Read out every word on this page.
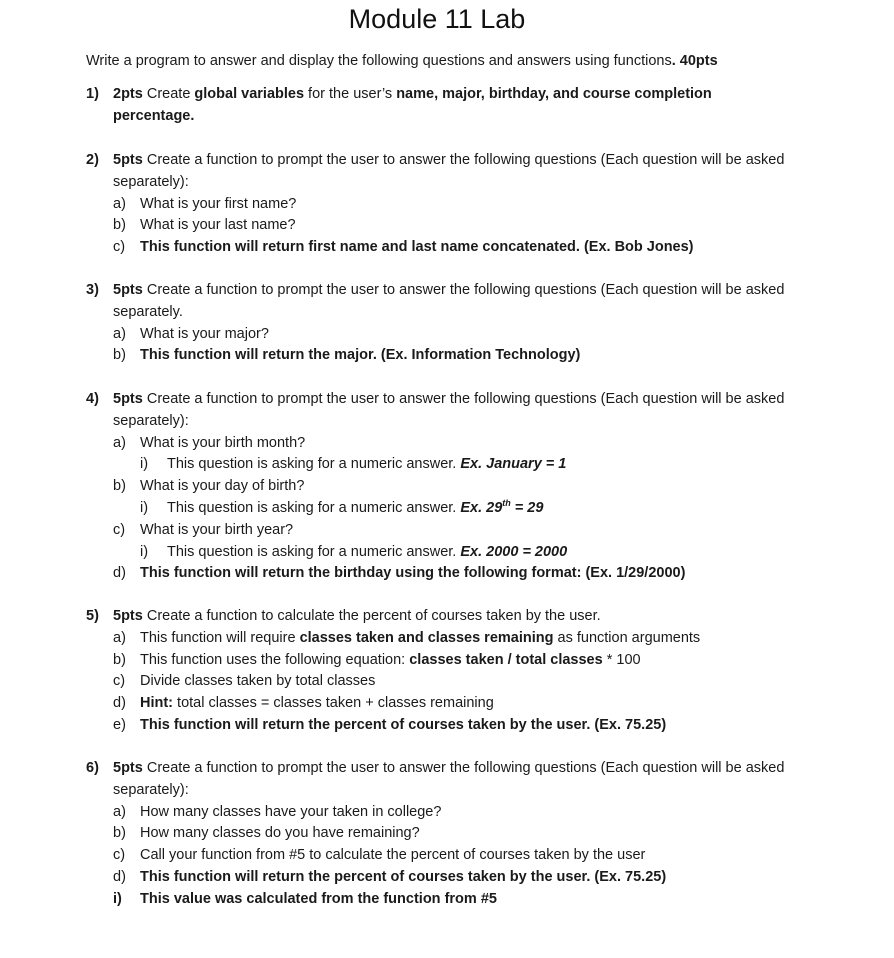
Module 11 Lab
Write a program to answer and display the following questions and answers using functions. 40pts
1) 2pts Create global variables for the user’s name, major, birthday, and course completion percentage.
2) 5pts Create a function to prompt the user to answer the following questions (Each question will be asked separately):
a) What is your first name?
b) What is your last name?
c) This function will return first name and last name concatenated. (Ex. Bob Jones)
3) 5pts Create a function to prompt the user to answer the following questions (Each question will be asked separately.
a) What is your major?
b) This function will return the major. (Ex. Information Technology)
4) 5pts Create a function to prompt the user to answer the following questions (Each question will be asked separately):
a) What is your birth month?
i) This question is asking for a numeric answer. Ex. January = 1
b) What is your day of birth?
i) This question is asking for a numeric answer. Ex. 29th = 29
c) What is your birth year?
i) This question is asking for a numeric answer. Ex. 2000 = 2000
d) This function will return the birthday using the following format: (Ex. 1/29/2000)
5) 5pts Create a function to calculate the percent of courses taken by the user.
a) This function will require classes taken and classes remaining as function arguments
b) This function uses the following equation: classes taken / total classes * 100
c) Divide classes taken by total classes
d) Hint: total classes = classes taken + classes remaining
e) This function will return the percent of courses taken by the user. (Ex. 75.25)
6) 5pts Create a function to prompt the user to answer the following questions (Each question will be asked separately):
a) How many classes have your taken in college?
b) How many classes do you have remaining?
c) Call your function from #5 to calculate the percent of courses taken by the user
d) This function will return the percent of courses taken by the user. (Ex. 75.25)
i) This value was calculated from the function from #5
